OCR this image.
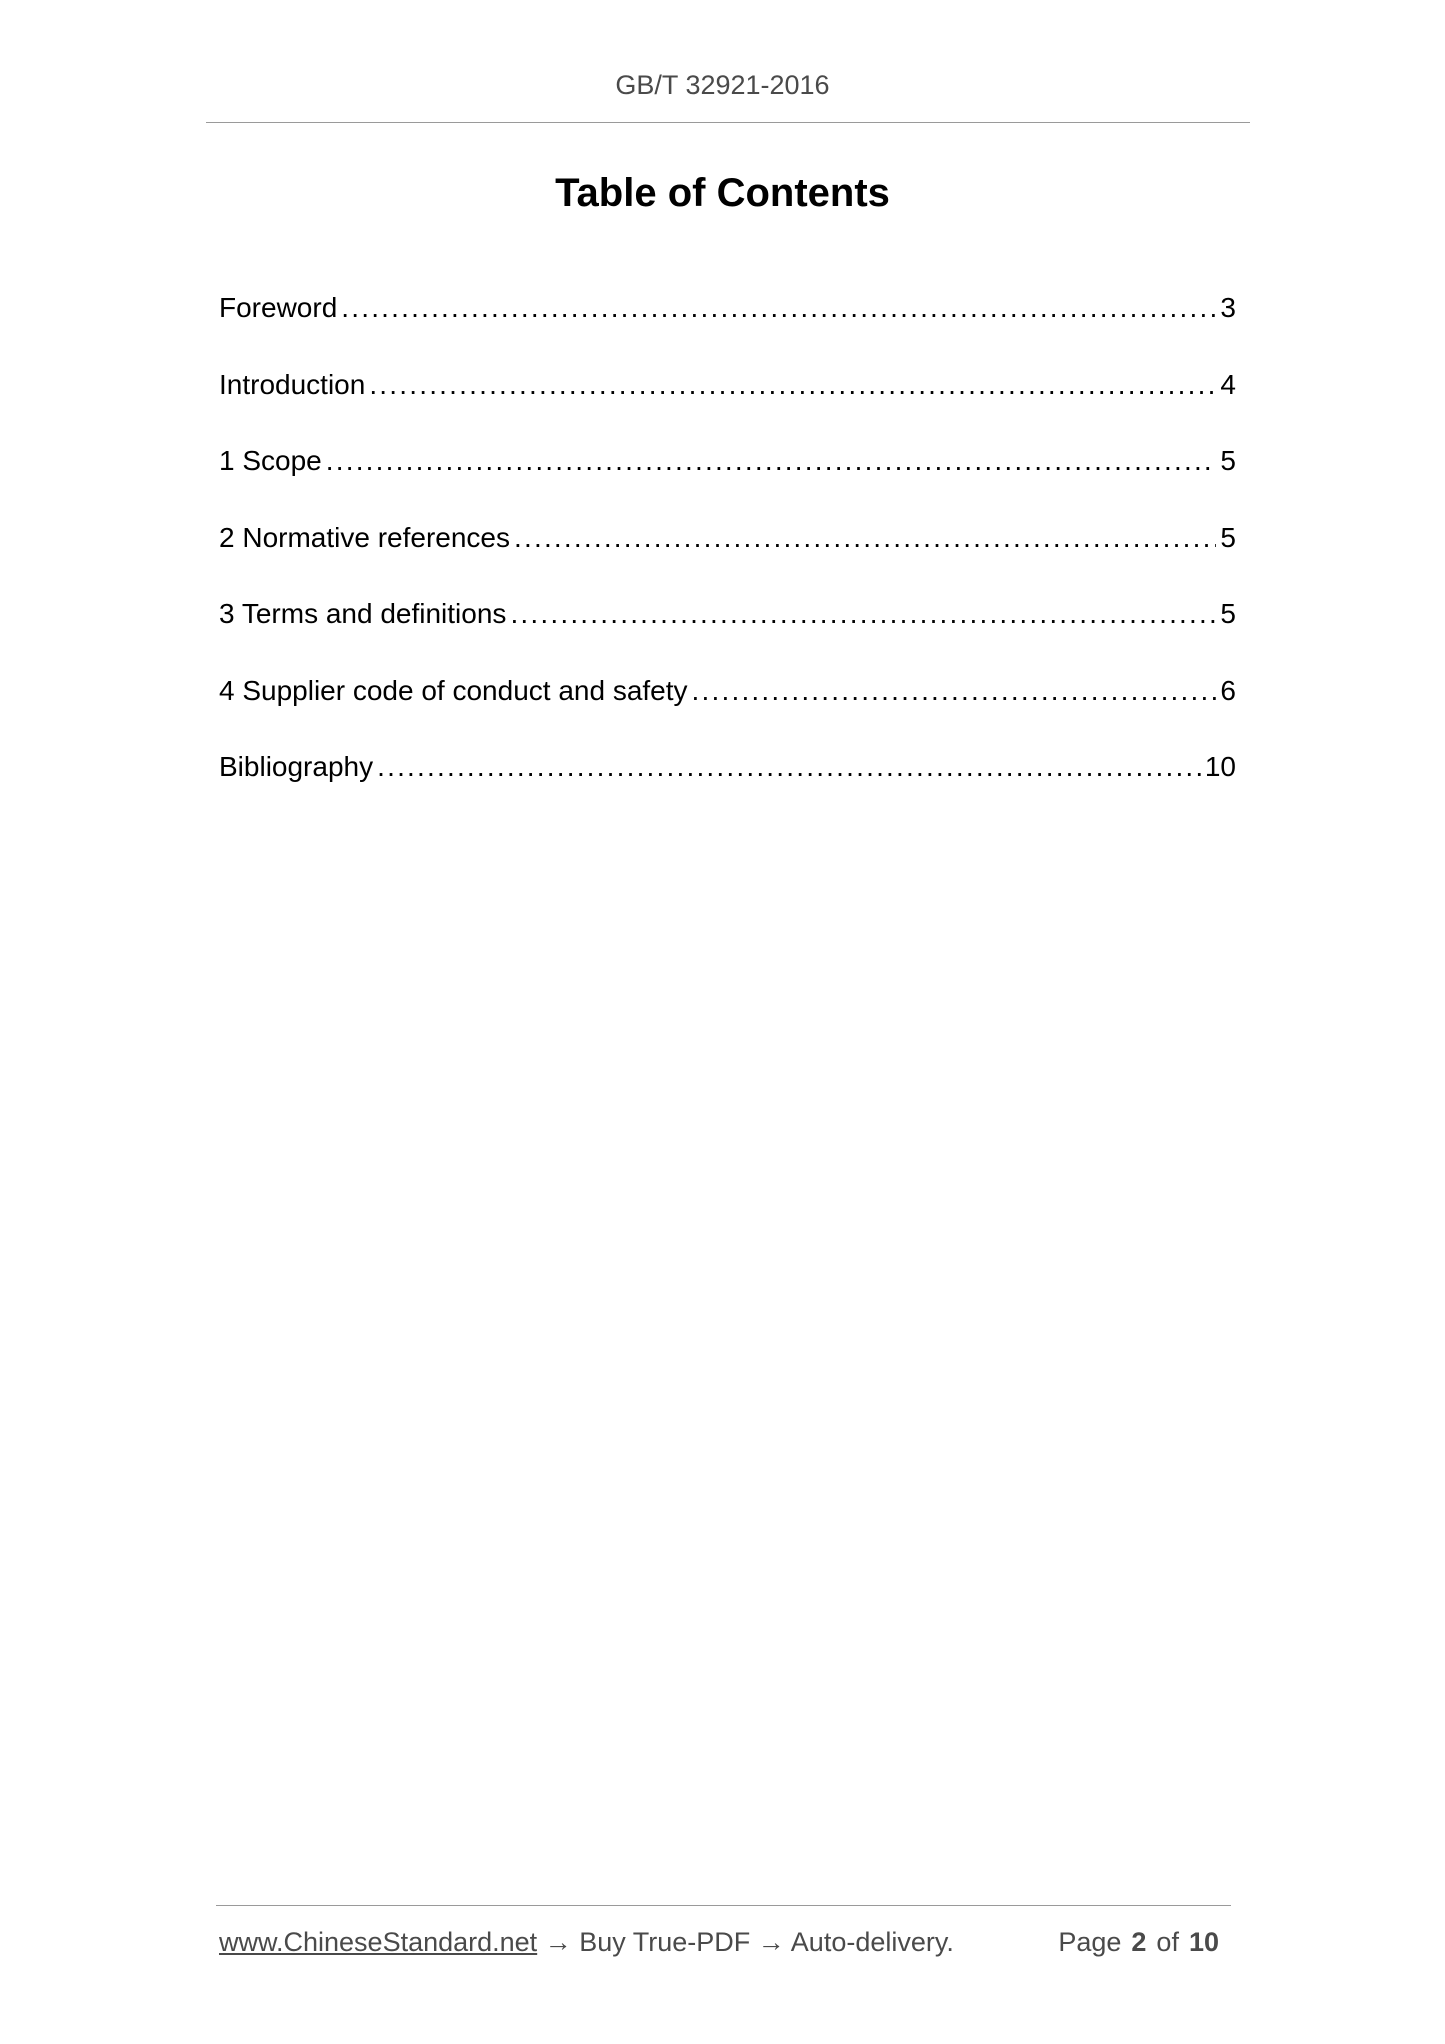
GB/T 32921-2016
Table of Contents
Foreword .....	3
Introduction .....	4
1 Scope .....	5
2 Normative references .....	5
3 Terms and definitions .....	5
4 Supplier code of conduct and safety .....	6
Bibliography .....	10
www.ChineseStandard.net → Buy True-PDF → Auto-delivery.	Page 2 of 10
